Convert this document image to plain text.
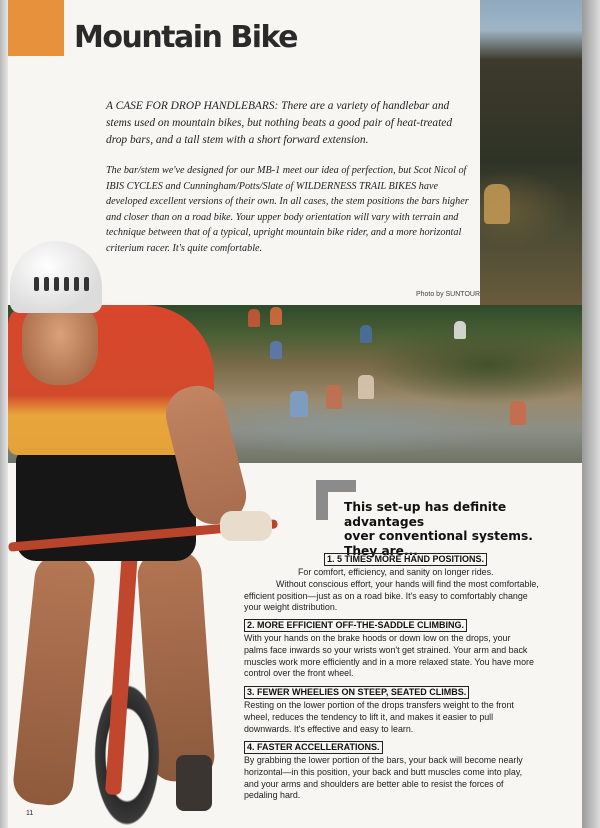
Mountain Bike

A CASE FOR DROP HANDLEBARS: There are a variety of handlebar and stems used on mountain bikes, but nothing beats a good pair of heat-treated drop bars, and a tall stem with a short forward extension.

The bar/stem we've designed for our MB-1 meet our idea of perfection, but Scot Nicol of IBIS CYCLES and Cunningham/Potts/Slate of WILDERNESS TRAIL BIKES have developed excellent versions of their own. In all cases, the stem positions the bars higher and closer than on a road bike. Your upper body orientation will vary with terrain and technique between that of a typical, upright mountain bike rider, and a more horizontal criterium racer. It's quite comfortable.

Photo by SUNTOUR
This set-up has definite advantages
over conventional systems.
They are...
1. 5 TIMES MORE HAND POSITIONS.
For comfort, efficiency, and sanity on longer rides.
Without conscious effort, your hands will find the most comfortable,
efficient position—just as on a road bike. It's easy to comfortably change
your weight distribution.
2. MORE EFFICIENT OFF-THE-SADDLE CLIMBING.
With your hands on the brake hoods or down low on the drops, your
palms face inwards so your wrists won't get strained. Your arm and back
muscles work more efficiently and in a more relaxed state. You have more
control over the front wheel.
3. FEWER WHEELIES ON STEEP, SEATED CLIMBS.
Resting on the lower portion of the drops transfers weight to the front
wheel, reduces the tendency to lift it, and makes it easier to pull
downwards. It's effective and easy to learn.
4. FASTER ACCELLERATIONS.
By grabbing the lower portion of the bars, your back will become nearly
horizontal—in this position, your back and butt muscles come into play,
and your arms and shoulders are better able to resist the forces of
pedaling hard.
11
